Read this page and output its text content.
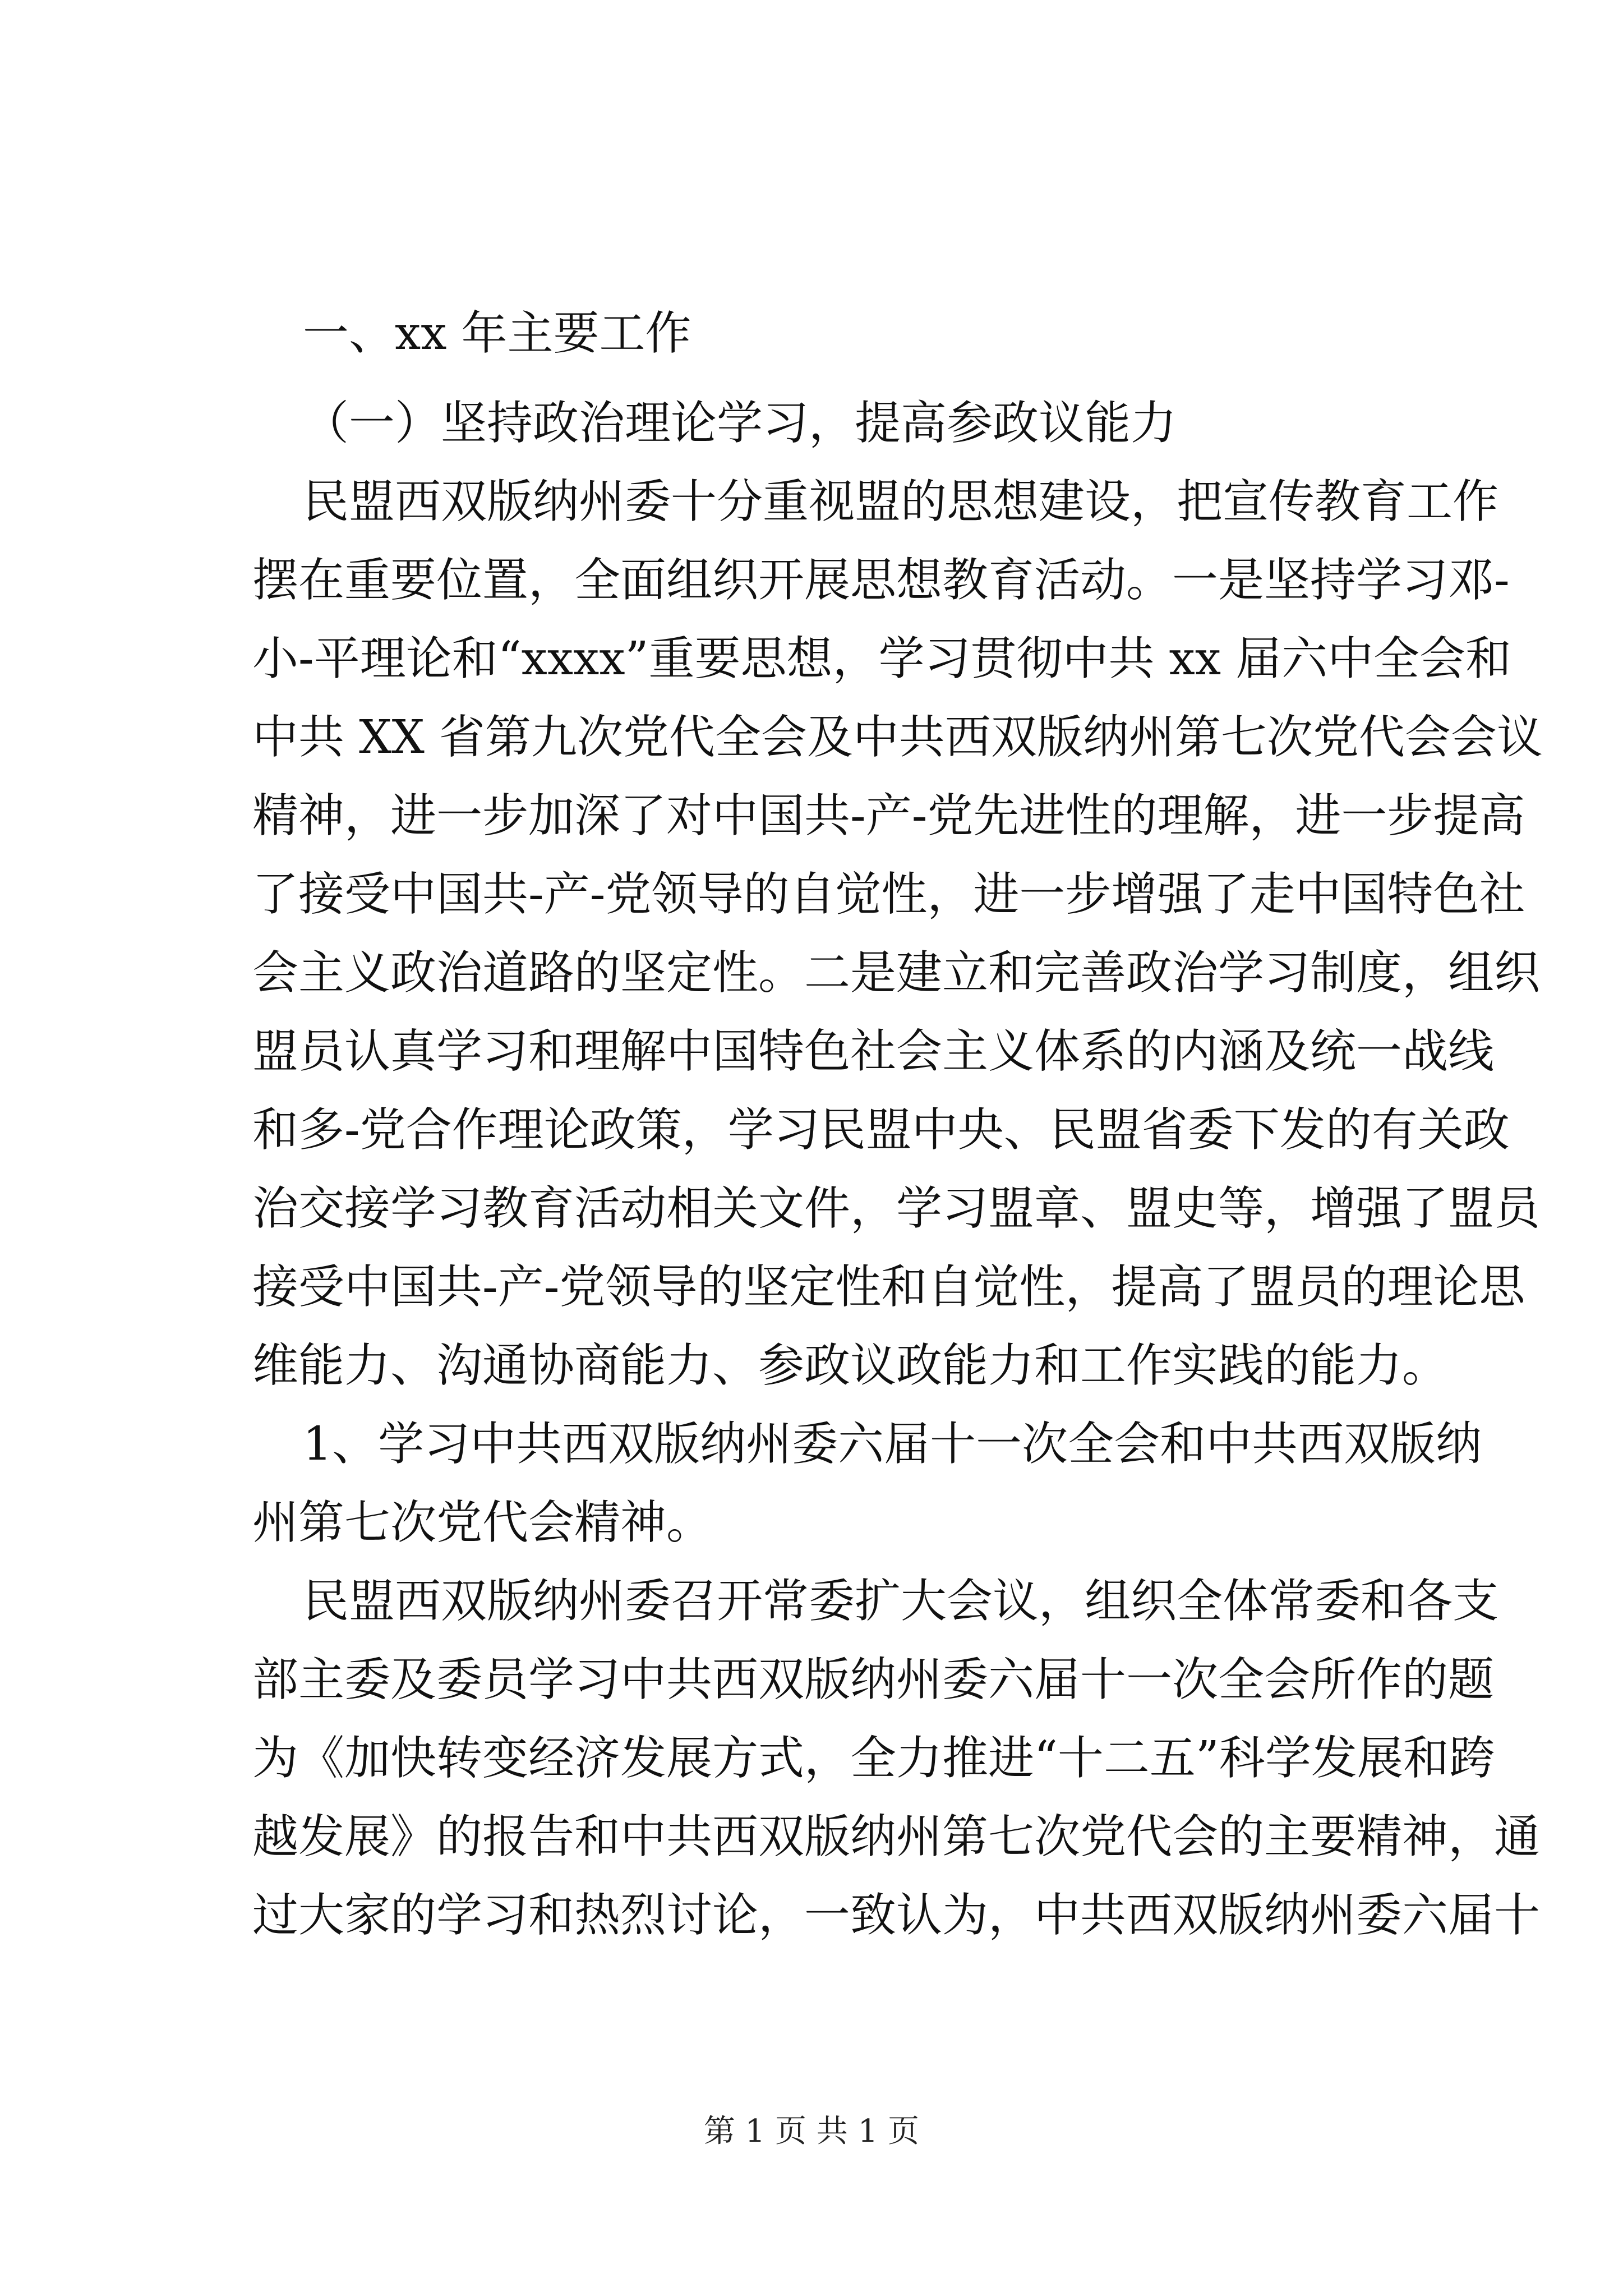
一、xx 年主要工作
（一）坚持政治理论学习，提高参政议能力
民盟西双版纳州委十分重视盟的思想建设，把宣传教育工作
摆在重要位置，全面组织开展思想教育活动。一是坚持学习邓-
小-平理论和“xxxx”重要思想，学习贯彻中共 xx 届六中全会和
中共 XX 省第九次党代全会及中共西双版纳州第七次党代会会议
精神，进一步加深了对中国共-产-党先进性的理解，进一步提高
了接受中国共-产-党领导的自觉性，进一步增强了走中国特色社
会主义政治道路的坚定性。二是建立和完善政治学习制度，组织
盟员认真学习和理解中国特色社会主义体系的内涵及统一战线
和多-党合作理论政策，学习民盟中央、民盟省委下发的有关政
治交接学习教育活动相关文件，学习盟章、盟史等，增强了盟员
接受中国共-产-党领导的坚定性和自觉性，提高了盟员的理论思
维能力、沟通协商能力、参政议政能力和工作实践的能力。
1、学习中共西双版纳州委六届十一次全会和中共西双版纳
州第七次党代会精神。
民盟西双版纳州委召开常委扩大会议，组织全体常委和各支
部主委及委员学习中共西双版纳州委六届十一次全会所作的题
为《加快转变经济发展方式，全力推进“十二五”科学发展和跨
越发展》的报告和中共西双版纳州第七次党代会的主要精神，通
过大家的学习和热烈讨论，一致认为，中共西双版纳州委六届十
第 1 页 共 1 页
